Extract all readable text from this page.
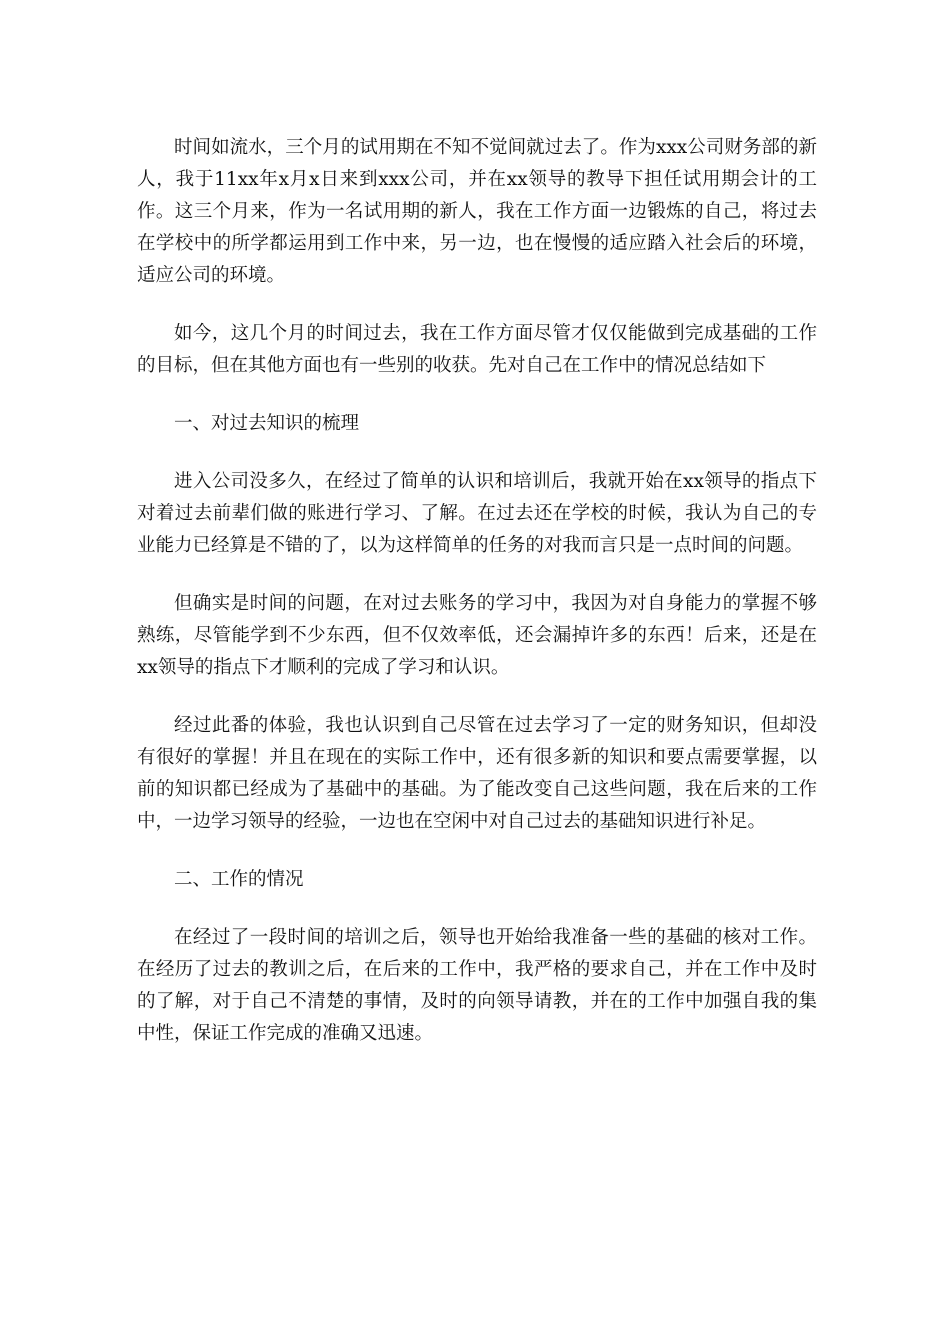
时间如流水，三个月的试用期在不知不觉间就过去了。作为xxx公司财务部的新人，我于11xx年x月x日来到xxx公司，并在xx领导的教导下担任试用期会计的工作。这三个月来，作为一名试用期的新人，我在工作方面一边锻炼的自己，将过去在学校中的所学都运用到工作中来，另一边，也在慢慢的适应踏入社会后的环境，适应公司的环境。

如今，这几个月的时间过去，我在工作方面尽管才仅仅能做到完成基础的工作的目标，但在其他方面也有一些别的收获。先对自己在工作中的情况总结如下

一、对过去知识的梳理

进入公司没多久，在经过了简单的认识和培训后，我就开始在xx领导的指点下对着过去前辈们做的账进行学习、了解。在过去还在学校的时候，我认为自己的专业能力已经算是不错的了，以为这样简单的任务的对我而言只是一点时间的问题。

但确实是时间的问题，在对过去账务的学习中，我因为对自身能力的掌握不够熟练，尽管能学到不少东西，但不仅效率低，还会漏掉许多的东西！后来，还是在xx领导的指点下才顺利的完成了学习和认识。

经过此番的体验，我也认识到自己尽管在过去学习了一定的财务知识，但却没有很好的掌握！并且在现在的实际工作中，还有很多新的知识和要点需要掌握，以前的知识都已经成为了基础中的基础。为了能改变自己这些问题，我在后来的工作中，一边学习领导的经验，一边也在空闲中对自己过去的基础知识进行补足。

二、工作的情况

在经过了一段时间的培训之后，领导也开始给我准备一些的基础的核对工作。在经历了过去的教训之后，在后来的工作中，我严格的要求自己，并在工作中及时的了解，对于自己不清楚的事情，及时的向领导请教，并在的工作中加强自我的集中性，保证工作完成的准确又迅速。
